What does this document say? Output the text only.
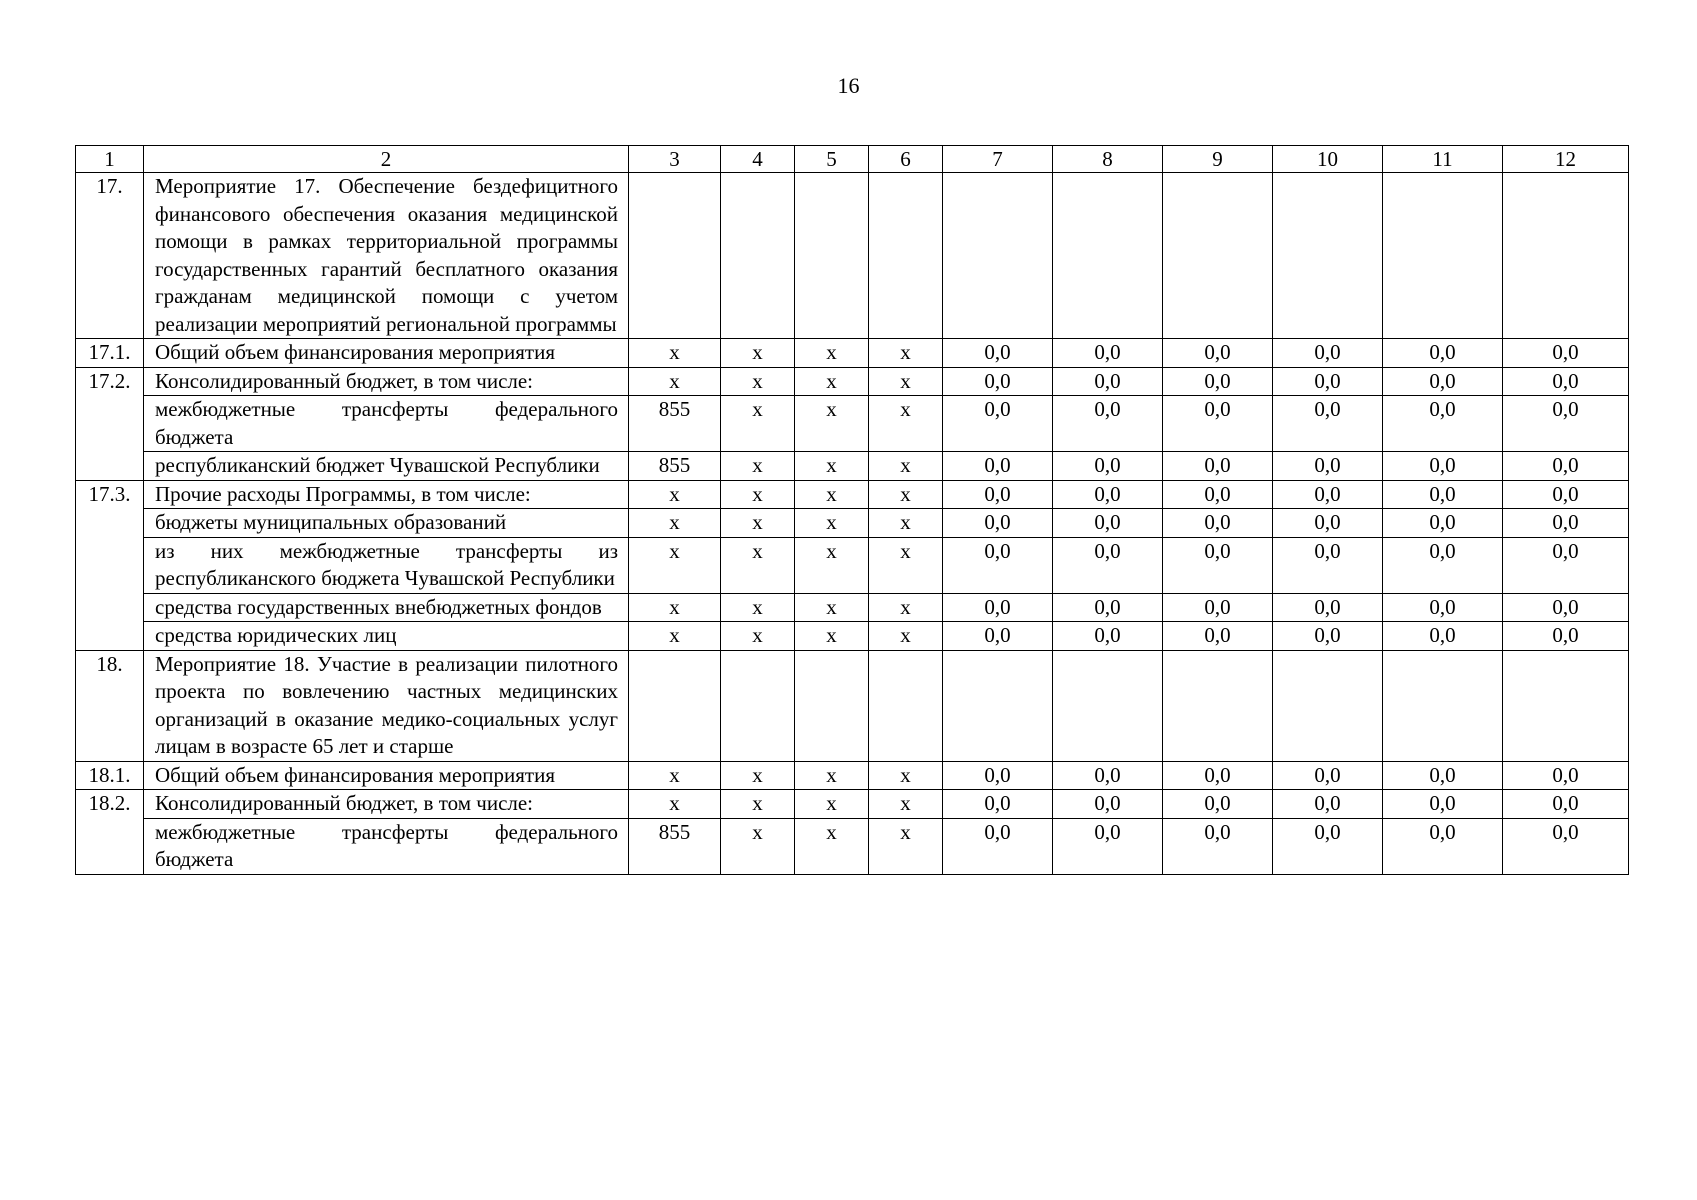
16
1	2	3	4	5	6	7	8	9	10	11	12
17.	Мероприятие 17. Обеспечение бездефицитного финансового обеспечения оказания медицинской помощи в рамках территориальной программы государственных гарантий бесплатного оказания гражданам медицинской помощи с учетом реализации мероприятий региональной программы										
17.1.	Общий объем финансирования мероприятия	x	x	x	x	0,0	0,0	0,0	0,0	0,0	0,0
17.2.	Консолидированный бюджет, в том числе:	x	x	x	x	0,0	0,0	0,0	0,0	0,0	0,0
	межбюджетные трансферты федерального бюджета	855	x	x	x	0,0	0,0	0,0	0,0	0,0	0,0
	республиканский бюджет Чувашской Республики	855	x	x	x	0,0	0,0	0,0	0,0	0,0	0,0
17.3.	Прочие расходы Программы, в том числе:	x	x	x	x	0,0	0,0	0,0	0,0	0,0	0,0
	бюджеты муниципальных образований	x	x	x	x	0,0	0,0	0,0	0,0	0,0	0,0
	из них межбюджетные трансферты из республиканского бюджета Чувашской Республики	x	x	x	x	0,0	0,0	0,0	0,0	0,0	0,0
	средства государственных внебюджетных фондов	x	x	x	x	0,0	0,0	0,0	0,0	0,0	0,0
	средства юридических лиц	x	x	x	x	0,0	0,0	0,0	0,0	0,0	0,0
18.	Мероприятие 18. Участие в реализации пилотного проекта по вовлечению частных медицинских организаций в оказание медико-социальных услуг лицам в возрасте 65 лет и старше										
18.1.	Общий объем финансирования мероприятия	x	x	x	x	0,0	0,0	0,0	0,0	0,0	0,0
18.2.	Консолидированный бюджет, в том числе:	x	x	x	x	0,0	0,0	0,0	0,0	0,0	0,0
	межбюджетные трансферты федерального бюджета	855	x	x	x	0,0	0,0	0,0	0,0	0,0	0,0
